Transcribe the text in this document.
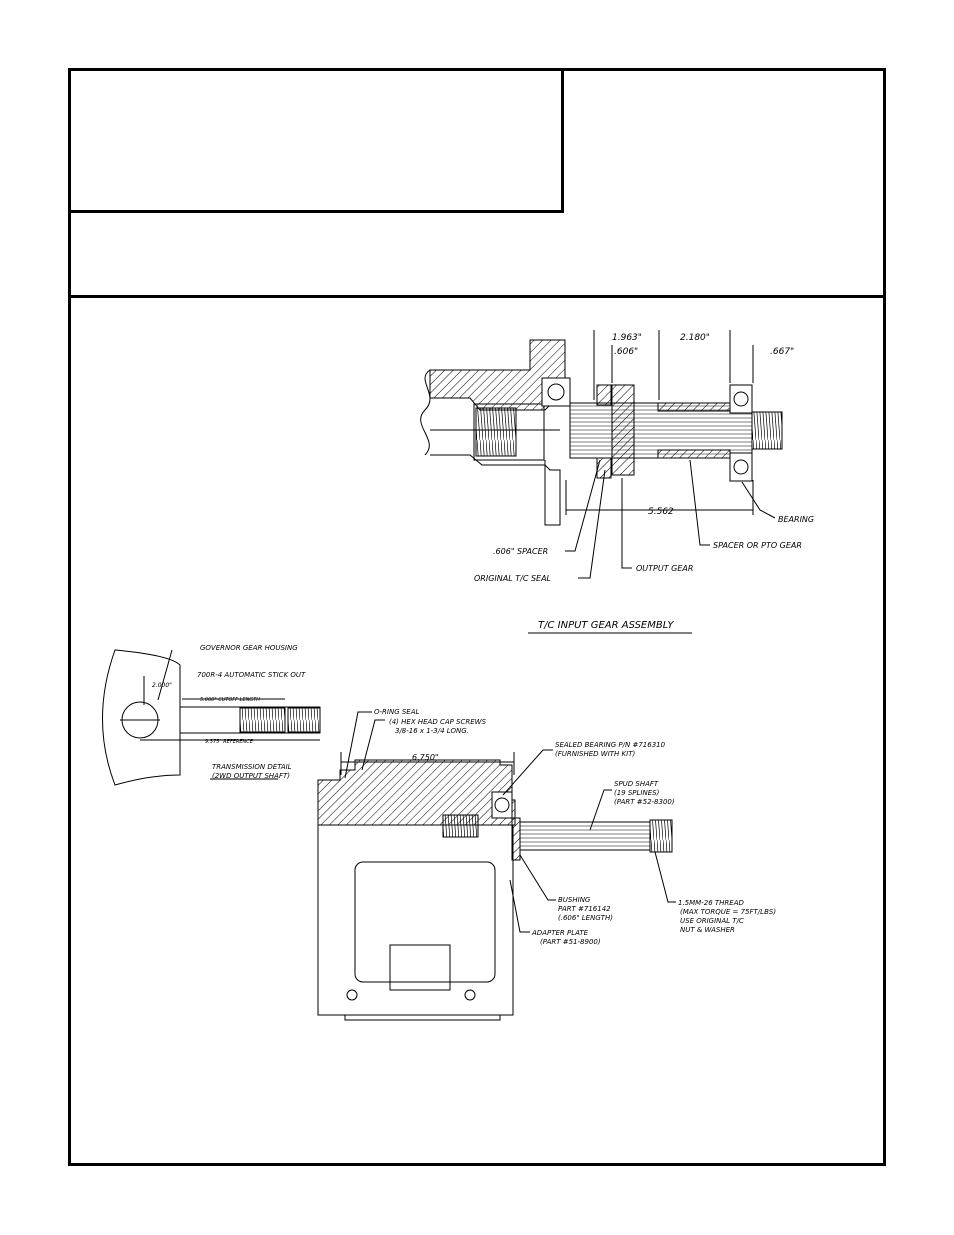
1.963"
.606"
2.180"
.667"
5.562
BEARING
SPACER OR PTO GEAR
OUTPUT GEAR
.606" SPACER
ORIGINAL T/C SEAL
T/C INPUT GEAR ASSEMBLY
GOVERNOR GEAR HOUSING
700R-4 AUTOMATIC STICK OUT
2.000"
5.000" CUTOFF LENGTH
9.375" REFERENCE
TRANSMISSION DETAIL
(2WD OUTPUT SHAFT)
O-RING SEAL
(4) HEX HEAD CAP SCREWS
3/8-16 x 1-3/4 LONG.
6.750"
SEALED BEARING P/N #716310
(FURNISHED WITH KIT)
SPUD SHAFT
(19 SPLINES)
(PART #52-8300)
BUSHING
PART #716142
(.606" LENGTH)
ADAPTER PLATE
(PART #51-8900)
1.5MM-26 THREAD
(MAX TORQUE = 75FT/LBS)
USE ORIGINAL T/C
NUT & WASHER
